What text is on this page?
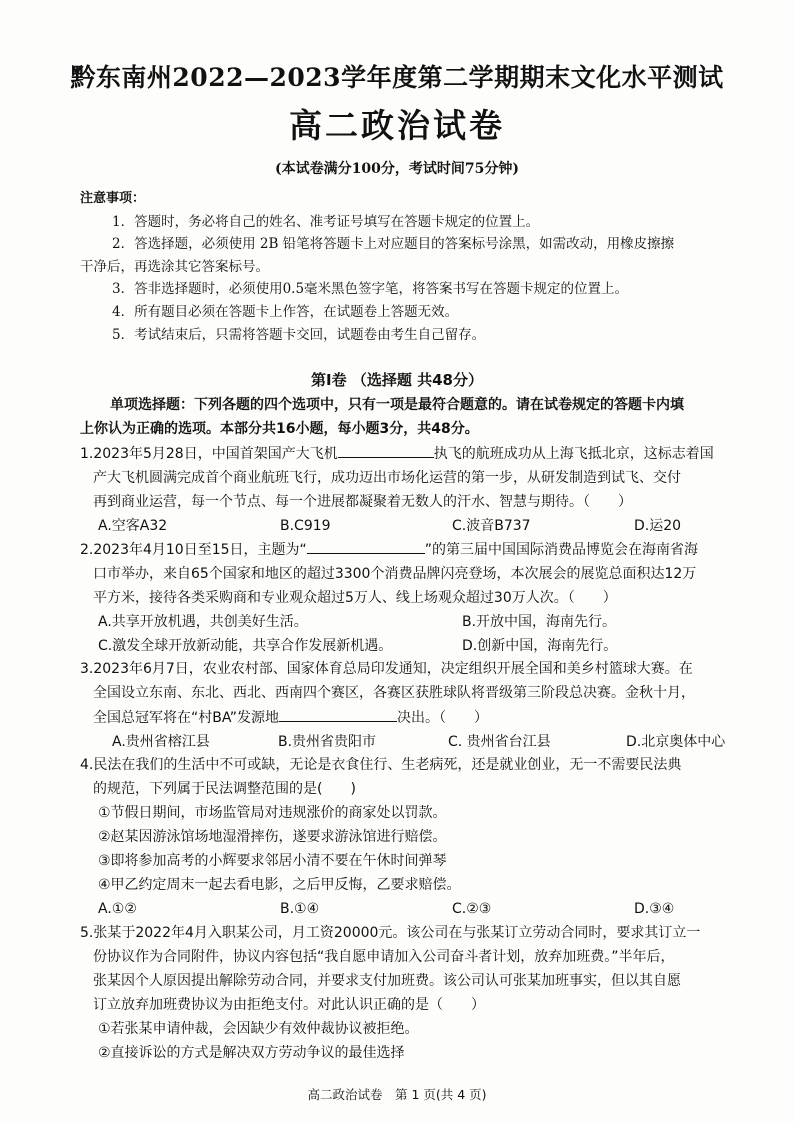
黔东南州2022—2023学年度第二学期期末文化水平测试
高二政治试卷
(本试卷满分100分，考试时间75分钟)
注意事项：
1．答题时，务必将自己的姓名、准考证号填写在答题卡规定的位置上。
2．答选择题，必须使用 2B 铅笔将答题卡上对应题目的答案标号涂黑，如需改动，用橡皮擦擦
干净后，再选涂其它答案标号。
3．答非选择题时，必须使用0.5毫米黑色签字笔，将答案书写在答题卡规定的位置上。
4．所有题目必须在答题卡上作答，在试题卷上答题无效。
5．考试结束后，只需将答题卡交回，试题卷由考生自己留存。
第Ⅰ卷 （选择题 共48分）
单项选择题：下列各题的四个选项中，只有一项是最符合题意的。请在试卷规定的答题卡内填
上你认为正确的选项。本部分共16小题，每小题3分，共48分。
1.2023年5月28日，中国首架国产大飞机	执飞的航班成功从上海飞抵北京，这标志着国
产大飞机圆满完成首个商业航班飞行，成功迈出市场化运营的第一步，从研发制造到试飞、交付
再到商业运营，每一个节点、每一个进展都凝聚着无数人的汗水、智慧与期待。（　　）
A.空客A32	B.C919	C.波音B737	D.运20
2.2023年4月10日至15日，主题为“	”的第三届中国国际消费品博览会在海南省海
口市举办，来自65个国家和地区的超过3300个消费品牌闪亮登场，本次展会的展览总面积达12万
平方米，接待各类采购商和专业观众超过5万人、线上场观众超过30万人次。（　　）
A.共享开放机遇，共创美好生活。	B.开放中国，海南先行。
C.激发全球开放新动能，共享合作发展新机遇。	D.创新中国，海南先行。
3.2023年6月7日，农业农村部、国家体育总局印发通知，决定组织开展全国和美乡村篮球大赛。在
全国设立东南、东北、西北、西南四个赛区，各赛区获胜球队将晋级第三阶段总决赛。金秋十月，
全国总冠军将在“村BA”发源地	决出。（　　）
A.贵州省榕江县	B.贵州省贵阳市	C. 贵州省台江县	D.北京奥体中心
4.民法在我们的生活中不可或缺，无论是衣食住行、生老病死，还是就业创业，无一不需要民法典
的规范，下列属于民法调整范围的是(　　)
①节假日期间，市场监管局对违规涨价的商家处以罚款。
②赵某因游泳馆场地湿滑摔伤，遂要求游泳馆进行赔偿。
③即将参加高考的小辉要求邻居小清不要在午休时间弹琴
④甲乙约定周末一起去看电影，之后甲反悔，乙要求赔偿。
A.①②	B.①④	C.②③	D.③④
5.张某于2022年4月入职某公司，月工资20000元。该公司在与张某订立劳动合同时，要求其订立一
份协议作为合同附件，协议内容包括“我自愿申请加入公司奋斗者计划，放弃加班费。”半年后，
张某因个人原因提出解除劳动合同，并要求支付加班费。该公司认可张某加班事实，但以其自愿
订立放弃加班费协议为由拒绝支付。对此认识正确的是（　　）
①若张某申请仲裁，会因缺少有效仲裁协议被拒绝。
②直接诉讼的方式是解决双方劳动争议的最佳选择
高二政治试卷　第 1 页(共 4 页)
